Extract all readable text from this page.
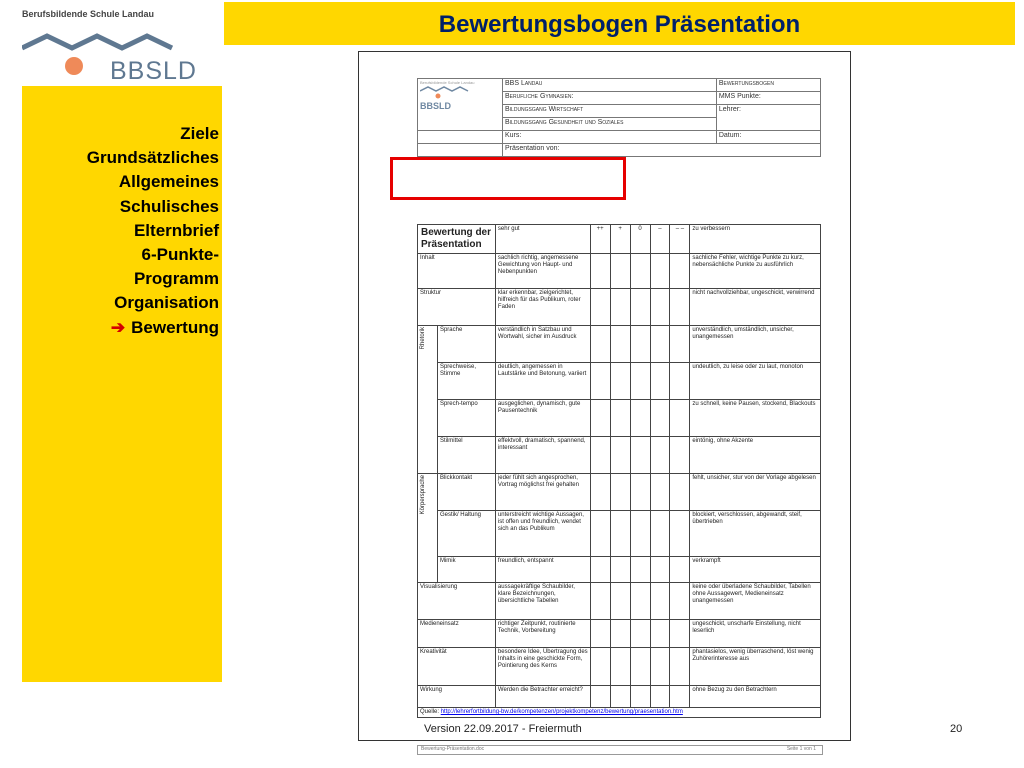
Berufsbildende Schule Landau
BBSLD
Bewertungsbogen Präsentation
Ziele
Grundsätzliches
Allgemeines
Schulisches
Elternbrief
6-Punkte-
Programm
Organisation
➔ Bewertung
Berufsbildende Schule Landau
BBSLD	BBS Landau	Bewertungsbogen
	Berufliche Gymnasien:	MMS Punkte:
	Bildungsgang Wirtschaft	Lehrer:
	Bildungsgang Gesundheit und Soziales	
	Kurs:	Datum:
	Präsentation von:	
Bewertung der Präsentation		sehr gut	++	+	0	–	– –	zu verbessern
Inhalt		sachlich richtig, angemessene Gewichtung von Haupt- und Nebenpunkten						sachliche Fehler, wichtige Punkte zu kurz, nebensächliche Punkte zu ausführlich
Struktur		klar erkennbar, zielgerichtet, hilfreich für das Publikum, roter Faden						nicht nachvollziehbar, ungeschickt, verwirrend

Rhetorik	Sprache	verständlich in Satzbau und Wortwahl, sicher im Ausdruck						unverständlich, umständlich, unsicher, unangemessen
	Sprechweise, Stimme	deutlich, angemessen in Lautstärke und Betonung, variiert						undeutlich, zu leise oder zu laut, monoton
	Sprech-tempo	ausgeglichen, dynamisch, gute Pausentechnik						zu schnell, keine Pausen, stockend, Blackouts
	Stilmittel	effektvoll, dramatisch, spannend, interessant						eintönig, ohne Akzente

Körpersprache	Blickkontakt	jeder fühlt sich angesprochen, Vortrag möglichst frei gehalten						fehlt, unsicher, stur von der Vorlage abgelesen
	Gestik/ Haltung	unterstreicht wichtige Aussagen, ist offen und freundlich, wendet sich an das Publikum						blockiert, verschlossen, abgewandt, steif, übertrieben
	Mimik	freundlich, entspannt						verkrampft
Visualisierung		aussagekräftige Schaubilder, klare Bezeichnungen, übersichtliche Tabellen						keine oder überladene Schaubilder, Tabellen ohne Aussagewert, Medieneinsatz unangemessen
Medieneinsatz		richtiger Zeitpunkt, routinierte Technik, Vorbereitung						ungeschickt, unscharfe Einstellung, nicht leserlich
Kreativität		besondere Idee, Übertragung des Inhalts in eine geschickte Form, Pointierung des Kerns						phantasielos, wenig überraschend, löst wenig Zuhörerinteresse aus
Wirkung		Werden die Betrachter erreicht?						ohne Bezug zu den Betrachtern
Quelle: http://lehrerfortbildung-bw.de/kompetenzen/projektkompetenz/bewertung/praesentation.htm								
Bewertung-Präsentation.doc	Seite 1 von 1
Version 22.09.2017 - Freiermuth	20
